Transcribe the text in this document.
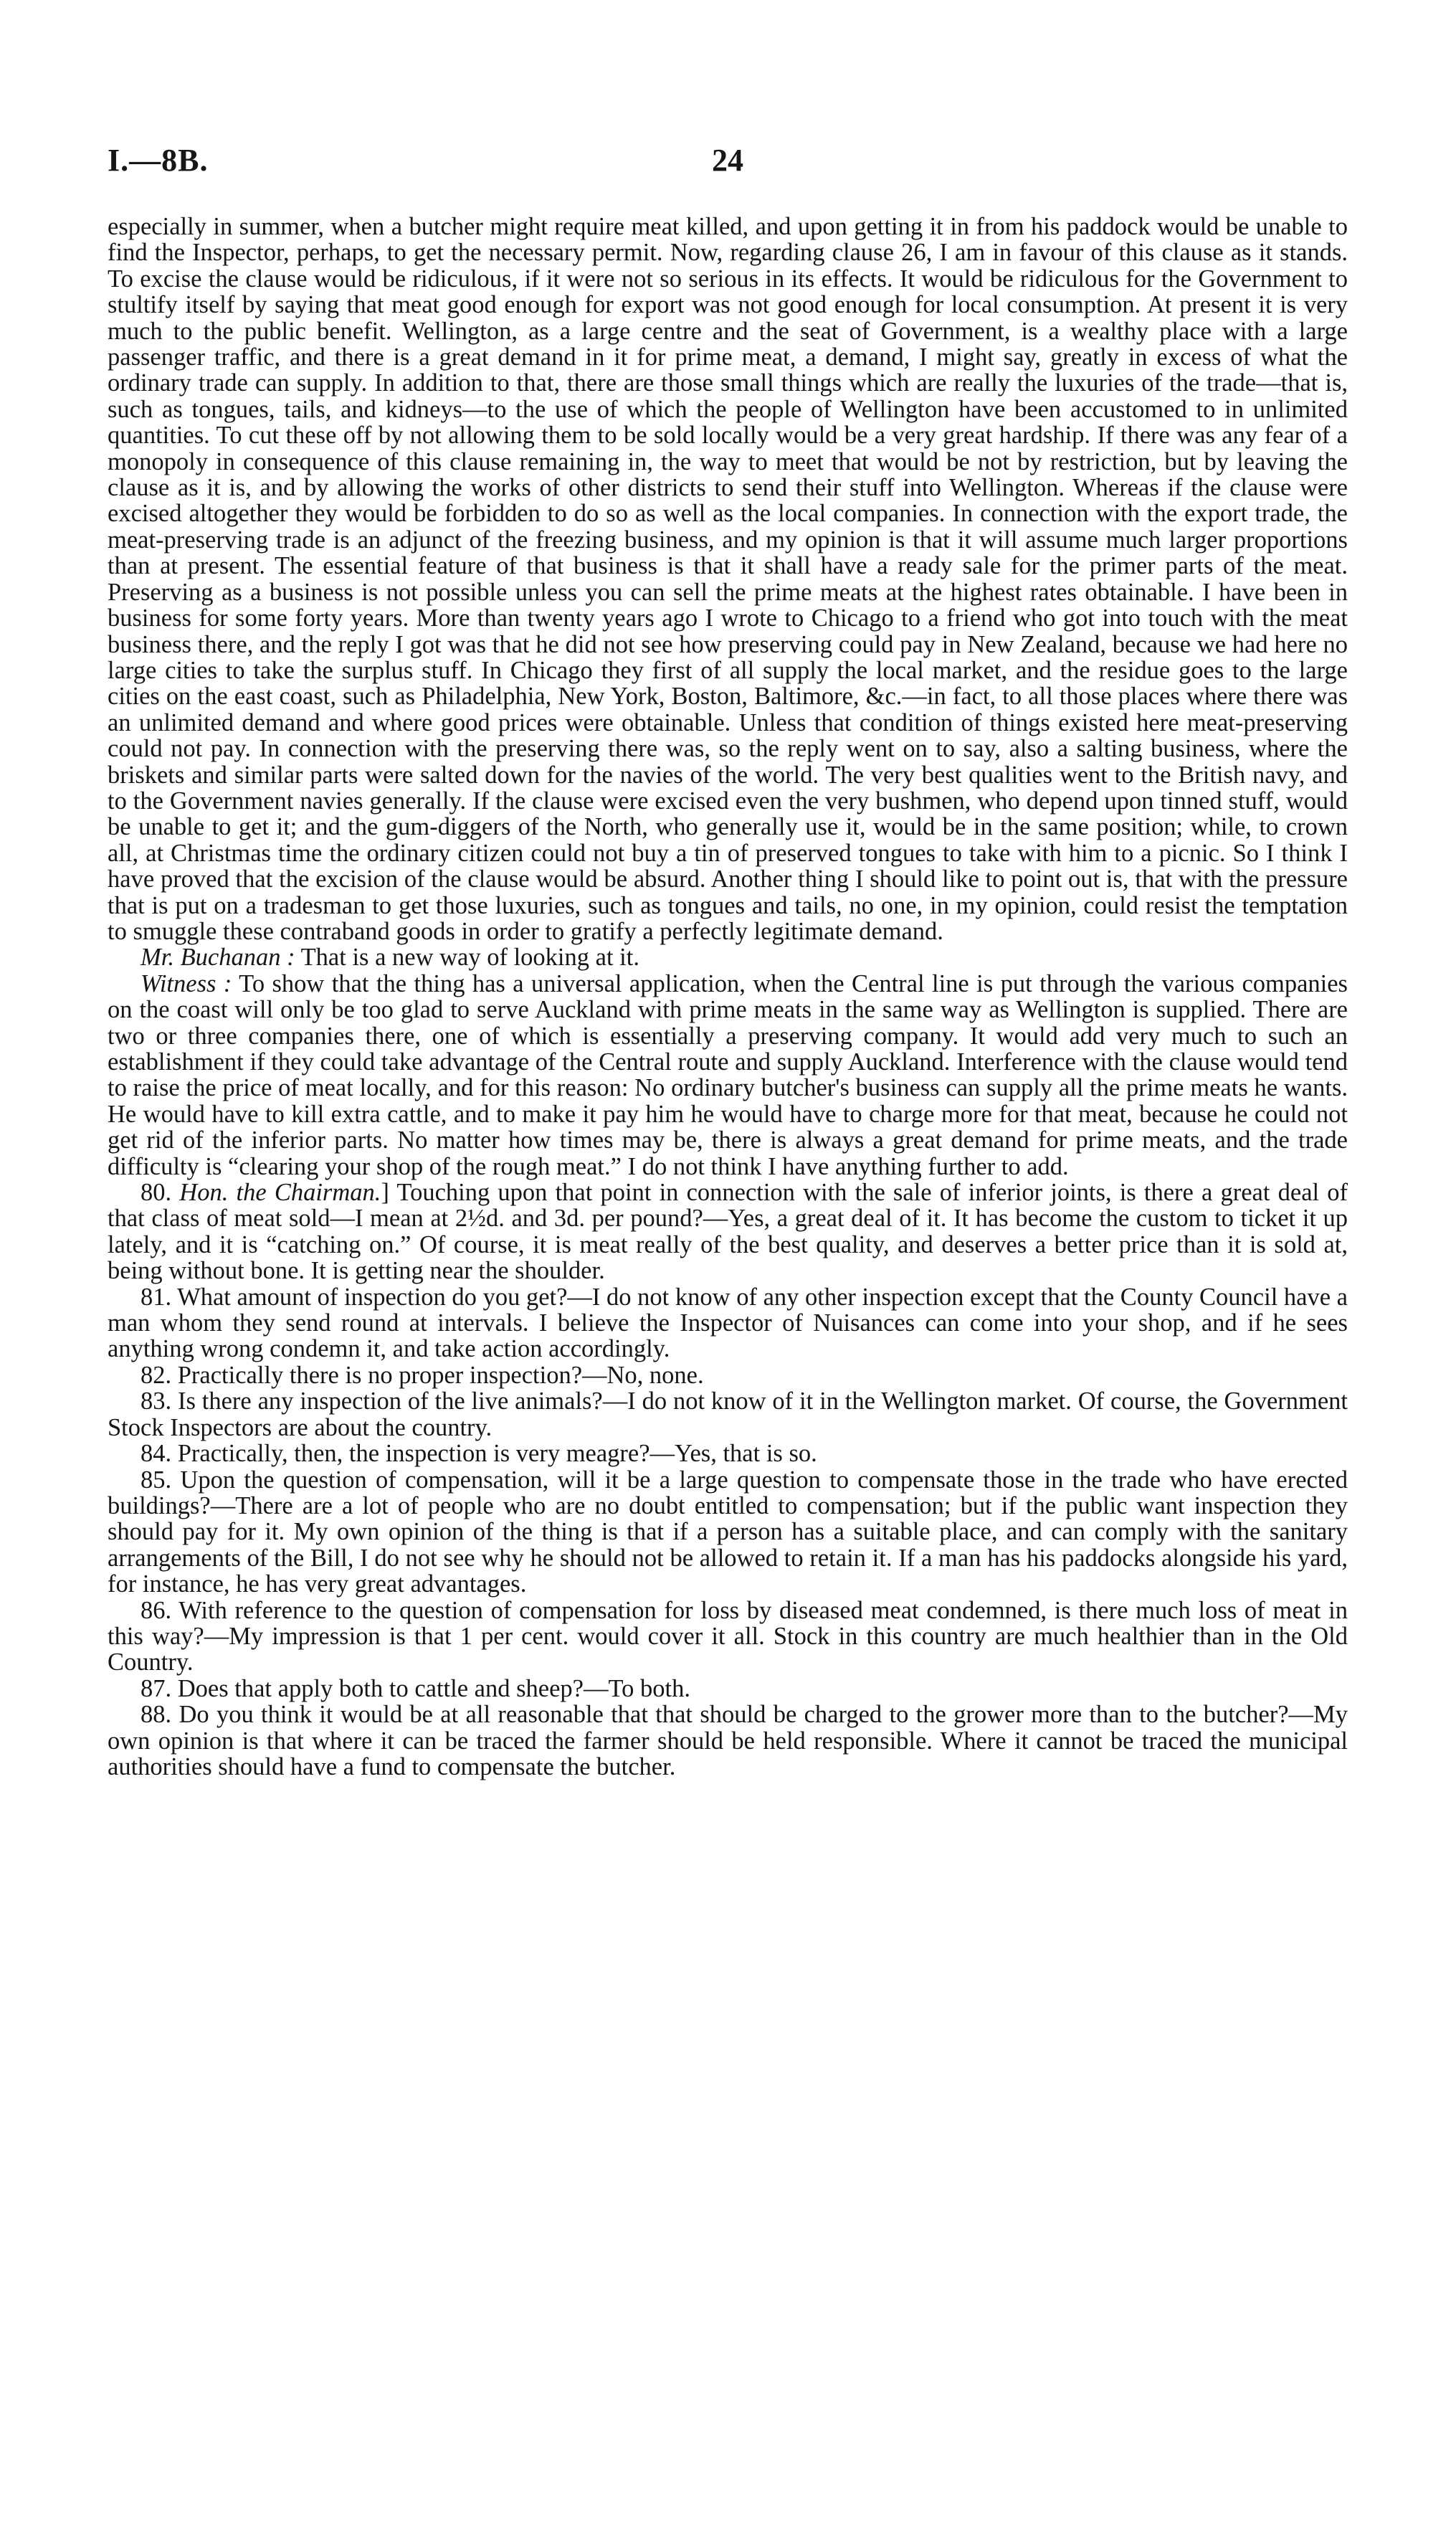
I.—8B.	24

especially in summer, when a butcher might require meat killed, and upon getting it in from his paddock would be unable to find the Inspector, perhaps, to get the necessary permit. Now, regarding clause 26, I am in favour of this clause as it stands. To excise the clause would be ridiculous, if it were not so serious in its effects. It would be ridiculous for the Government to stultify itself by saying that meat good enough for export was not good enough for local consumption. At present it is very much to the public benefit. Wellington, as a large centre and the seat of Government, is a wealthy place with a large passenger traffic, and there is a great demand in it for prime meat, a demand, I might say, greatly in excess of what the ordinary trade can supply. In addition to that, there are those small things which are really the luxuries of the trade—that is, such as tongues, tails, and kidneys—to the use of which the people of Wellington have been accustomed to in unlimited quantities. To cut these off by not allowing them to be sold locally would be a very great hardship. If there was any fear of a monopoly in consequence of this clause remaining in, the way to meet that would be not by restriction, but by leaving the clause as it is, and by allowing the works of other districts to send their stuff into Wellington. Whereas if the clause were excised altogether they would be forbidden to do so as well as the local companies. In connection with the export trade, the meat-preserving trade is an adjunct of the freezing business, and my opinion is that it will assume much larger proportions than at present. The essential feature of that business is that it shall have a ready sale for the primer parts of the meat. Preserving as a business is not possible unless you can sell the prime meats at the highest rates obtainable. I have been in business for some forty years. More than twenty years ago I wrote to Chicago to a friend who got into touch with the meat business there, and the reply I got was that he did not see how preserving could pay in New Zealand, because we had here no large cities to take the surplus stuff. In Chicago they first of all supply the local market, and the residue goes to the large cities on the east coast, such as Philadelphia, New York, Boston, Baltimore, &c.—in fact, to all those places where there was an unlimited demand and where good prices were obtainable. Unless that condition of things existed here meat-preserving could not pay. In connection with the preserving there was, so the reply went on to say, also a salting business, where the briskets and similar parts were salted down for the navies of the world. The very best qualities went to the British navy, and to the Government navies generally. If the clause were excised even the very bushmen, who depend upon tinned stuff, would be unable to get it; and the gum-diggers of the North, who generally use it, would be in the same position; while, to crown all, at Christmas time the ordinary citizen could not buy a tin of preserved tongues to take with him to a picnic. So I think I have proved that the excision of the clause would be absurd. Another thing I should like to point out is, that with the pressure that is put on a tradesman to get those luxuries, such as tongues and tails, no one, in my opinion, could resist the temptation to smuggle these contraband goods in order to gratify a perfectly legitimate demand.

Mr. Buchanan : That is a new way of looking at it.

Witness : To show that the thing has a universal application, when the Central line is put through the various companies on the coast will only be too glad to serve Auckland with prime meats in the same way as Wellington is supplied. There are two or three companies there, one of which is essentially a preserving company. It would add very much to such an establishment if they could take advantage of the Central route and supply Auckland. Interference with the clause would tend to raise the price of meat locally, and for this reason: No ordinary butcher's business can supply all the prime meats he wants. He would have to kill extra cattle, and to make it pay him he would have to charge more for that meat, because he could not get rid of the inferior parts. No matter how times may be, there is always a great demand for prime meats, and the trade difficulty is “clearing your shop of the rough meat.” I do not think I have anything further to add.

80. Hon. the Chairman.] Touching upon that point in connection with the sale of inferior joints, is there a great deal of that class of meat sold—I mean at 2½d. and 3d. per pound?—Yes, a great deal of it. It has become the custom to ticket it up lately, and it is “catching on.” Of course, it is meat really of the best quality, and deserves a better price than it is sold at, being without bone. It is getting near the shoulder.

81. What amount of inspection do you get?—I do not know of any other inspection except that the County Council have a man whom they send round at intervals. I believe the Inspector of Nuisances can come into your shop, and if he sees anything wrong condemn it, and take action accordingly.

82. Practically there is no proper inspection?—No, none.

83. Is there any inspection of the live animals?—I do not know of it in the Wellington market. Of course, the Government Stock Inspectors are about the country.

84. Practically, then, the inspection is very meagre?—Yes, that is so.

85. Upon the question of compensation, will it be a large question to compensate those in the trade who have erected buildings?—There are a lot of people who are no doubt entitled to compensation; but if the public want inspection they should pay for it. My own opinion of the thing is that if a person has a suitable place, and can comply with the sanitary arrangements of the Bill, I do not see why he should not be allowed to retain it. If a man has his paddocks alongside his yard, for instance, he has very great advantages.

86. With reference to the question of compensation for loss by diseased meat condemned, is there much loss of meat in this way?—My impression is that 1 per cent. would cover it all. Stock in this country are much healthier than in the Old Country.

87. Does that apply both to cattle and sheep?—To both.

88. Do you think it would be at all reasonable that that should be charged to the grower more than to the butcher?—My own opinion is that where it can be traced the farmer should be held responsible. Where it cannot be traced the municipal authorities should have a fund to compensate the butcher.
